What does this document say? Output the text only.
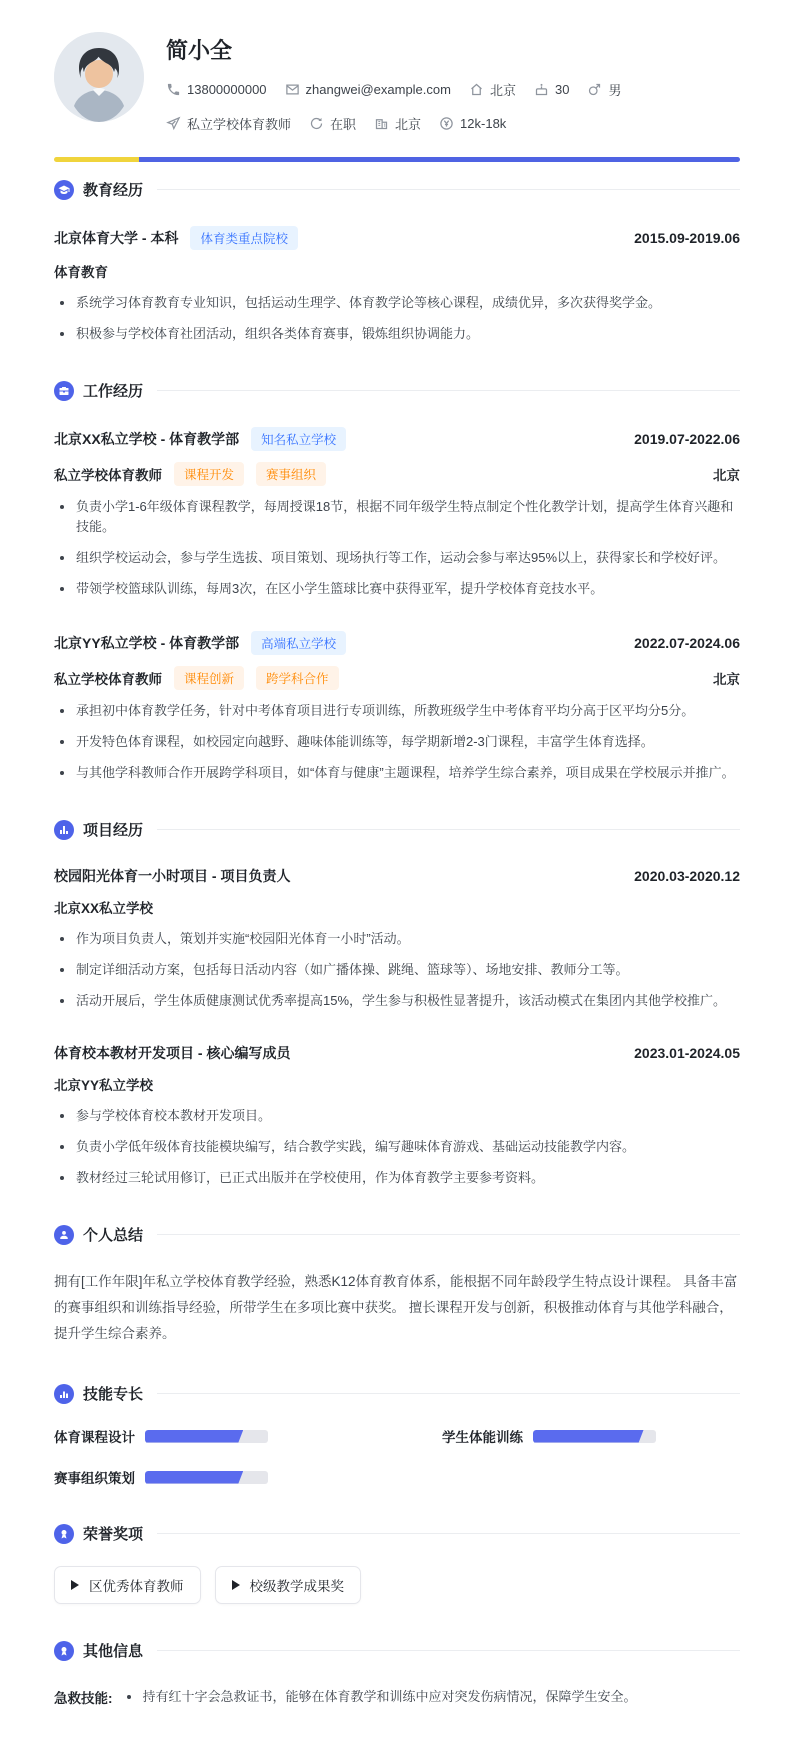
简小全
13800000000	zhangwei@example.com	北京	30	男
私立学校体育教师	在职	北京	12k-18k
教育经历
北京体育大学 - 本科	体育类重点院校	2015.09-2019.06
体育教育
系统学习体育教育专业知识，包括运动生理学、体育教学论等核心课程，成绩优异，多次获得奖学金。
积极参与学校体育社团活动，组织各类体育赛事，锻炼组织协调能力。
工作经历
北京XX私立学校 - 体育教学部	知名私立学校	2019.07-2022.06
私立学校体育教师	课程开发	赛事组织	北京
负责小学1-6年级体育课程教学，每周授课18节，根据不同年级学生特点制定个性化教学计划，提高学生体育兴趣和技能。
组织学校运动会，参与学生选拔、项目策划、现场执行等工作，运动会参与率达95%以上，获得家长和学校好评。
带领学校篮球队训练，每周3次，在区小学生篮球比赛中获得亚军，提升学校体育竞技水平。
北京YY私立学校 - 体育教学部	高端私立学校	2022.07-2024.06
私立学校体育教师	课程创新	跨学科合作	北京
承担初中体育教学任务，针对中考体育项目进行专项训练，所教班级学生中考体育平均分高于区平均分5分。
开发特色体育课程，如校园定向越野、趣味体能训练等，每学期新增2-3门课程，丰富学生体育选择。
与其他学科教师合作开展跨学科项目，如“体育与健康”主题课程，培养学生综合素养，项目成果在学校展示并推广。
项目经历
校园阳光体育一小时项目 - 项目负责人	2020.03-2020.12
北京XX私立学校
作为项目负责人，策划并实施“校园阳光体育一小时”活动。
制定详细活动方案，包括每日活动内容（如广播体操、跳绳、篮球等）、场地安排、教师分工等。
活动开展后，学生体质健康测试优秀率提高15%，学生参与积极性显著提升，该活动模式在集团内其他学校推广。
体育校本教材开发项目 - 核心编写成员	2023.01-2024.05
北京YY私立学校
参与学校体育校本教材开发项目。
负责小学低年级体育技能模块编写，结合教学实践，编写趣味体育游戏、基础运动技能教学内容。
教材经过三轮试用修订，已正式出版并在学校使用，作为体育教学主要参考资料。
个人总结

拥有[工作年限]年私立学校体育教学经验，熟悉K12体育教育体系，能根据不同年龄段学生特点设计课程。 具备丰富的赛事组织和训练指导经验，所带学生在多项比赛中获奖。 擅长课程开发与创新，积极推动体育与其他学科融合，提升学生综合素养。

技能专长
体育课程设计	学生体能训练
赛事组织策划
荣誉奖项
区优秀体育教师	校级教学成果奖
其他信息
急救技能: 持有红十字会急救证书，能够在体育教学和训练中应对突发伤病情况，保障学生安全。
